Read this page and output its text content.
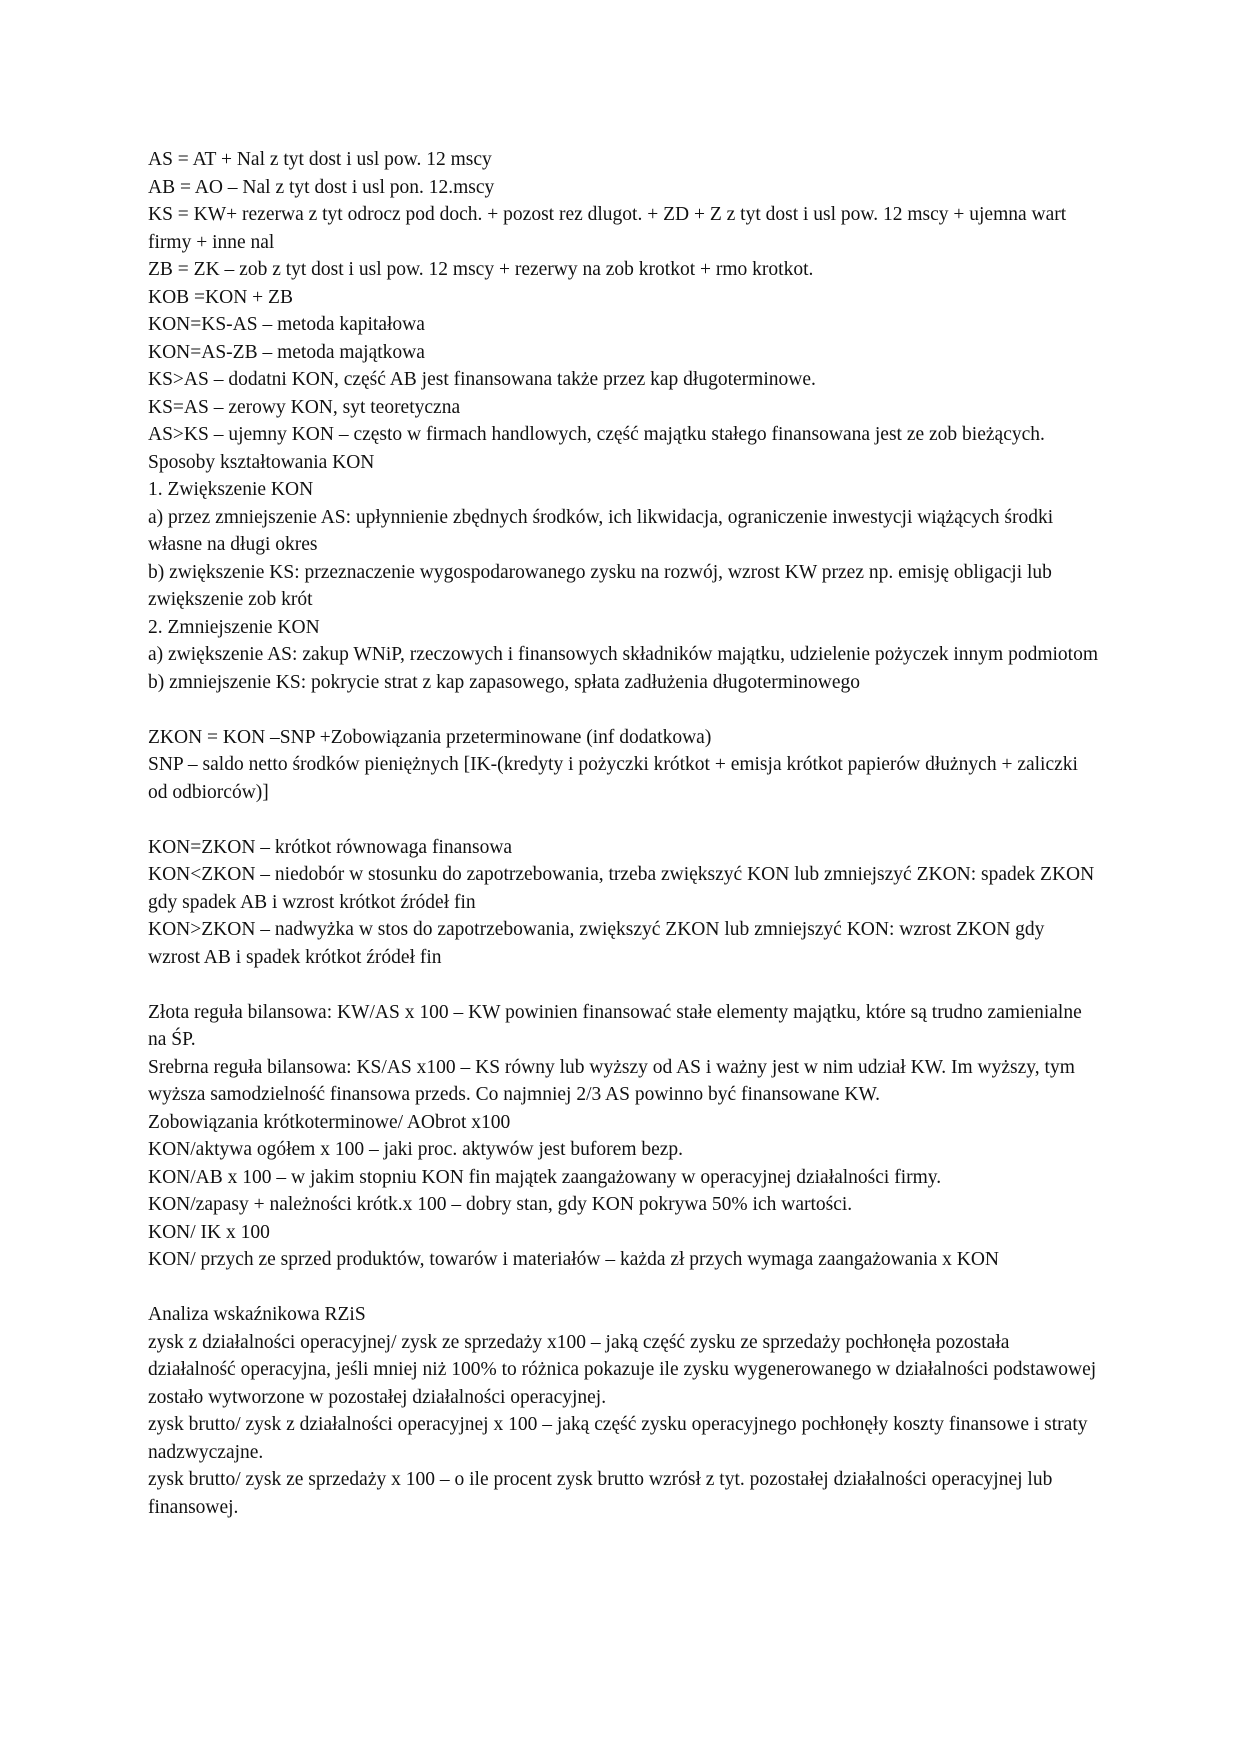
AS = AT + Nal z tyt dost i usl pow. 12 mscy

AB = AO – Nal z tyt dost i usl pon. 12.mscy

KS = KW+ rezerwa z tyt odrocz pod doch. + pozost rez dlugot. + ZD + Z z tyt dost i usl pow. 12 mscy + ujemna wart firmy + inne nal

ZB = ZK – zob z tyt dost i usl pow. 12 mscy + rezerwy na zob krotkot + rmo krotkot.

KOB =KON + ZB

KON=KS-AS – metoda kapitałowa

KON=AS-ZB – metoda majątkowa

KS>AS – dodatni KON, część AB jest finansowana także przez kap długoterminowe.

KS=AS – zerowy KON, syt teoretyczna

AS>KS – ujemny KON – często w firmach handlowych, część majątku stałego finansowana jest ze zob bieżących.

Sposoby kształtowania KON

1. Zwiększenie KON

a) przez zmniejszenie AS: upłynnienie zbędnych środków, ich likwidacja, ograniczenie inwestycji wiążących środki własne na długi okres

b) zwiększenie KS: przeznaczenie wygospodarowanego zysku na rozwój, wzrost KW przez np. emisję obligacji lub zwiększenie zob krót

2. Zmniejszenie KON

a) zwiększenie AS: zakup WNiP, rzeczowych i finansowych składników majątku, udzielenie pożyczek innym podmiotom

b) zmniejszenie KS: pokrycie strat z kap zapasowego, spłata zadłużenia długoterminowego

ZKON = KON –SNP +Zobowiązania przeterminowane (inf dodatkowa)

SNP – saldo netto środków pieniężnych [IK-(kredyty i pożyczki krótkot + emisja krótkot papierów dłużnych + zaliczki od odbiorców)]

KON=ZKON – krótkot równowaga finansowa

KON<ZKON – niedobór w stosunku do zapotrzebowania, trzeba zwiększyć KON lub zmniejszyć ZKON: spadek ZKON gdy spadek AB i wzrost krótkot źródeł fin

KON>ZKON – nadwyżka w stos do zapotrzebowania, zwiększyć ZKON lub zmniejszyć KON: wzrost ZKON gdy wzrost AB i spadek krótkot źródeł fin

Złota reguła bilansowa: KW/AS x 100 – KW powinien finansować stałe elementy majątku, które są trudno zamienialne na ŚP.

Srebrna reguła bilansowa: KS/AS x100 – KS równy lub wyższy od AS i ważny jest w nim udział KW. Im wyższy, tym wyższa samodzielność finansowa przeds. Co najmniej 2/3 AS powinno być finansowane KW.

Zobowiązania krótkoterminowe/ AObrot x100

KON/aktywa ogółem x 100 – jaki proc. aktywów jest buforem bezp.

KON/AB x 100 – w jakim stopniu KON fin majątek zaangażowany w operacyjnej działalności firmy.

KON/zapasy + należności krótk.x 100 – dobry stan, gdy KON pokrywa 50% ich wartości.

KON/ IK x 100

KON/ przych ze sprzed produktów, towarów i materiałów – każda zł przych wymaga zaangażowania x KON

Analiza wskaźnikowa RZiS

zysk z działalności operacyjnej/ zysk ze sprzedaży x100 – jaką część zysku ze sprzedaży pochłonęła pozostała działalność operacyjna, jeśli mniej niż 100% to różnica pokazuje ile zysku wygenerowanego w działalności podstawowej zostało wytworzone w pozostałej działalności operacyjnej.

zysk brutto/ zysk z działalności operacyjnej x 100 – jaką część zysku operacyjnego pochłonęły koszty finansowe i straty nadzwyczajne.

zysk brutto/ zysk ze sprzedaży x 100 – o ile procent zysk brutto wzrósł z tyt. pozostałej działalności operacyjnej lub finansowej.
